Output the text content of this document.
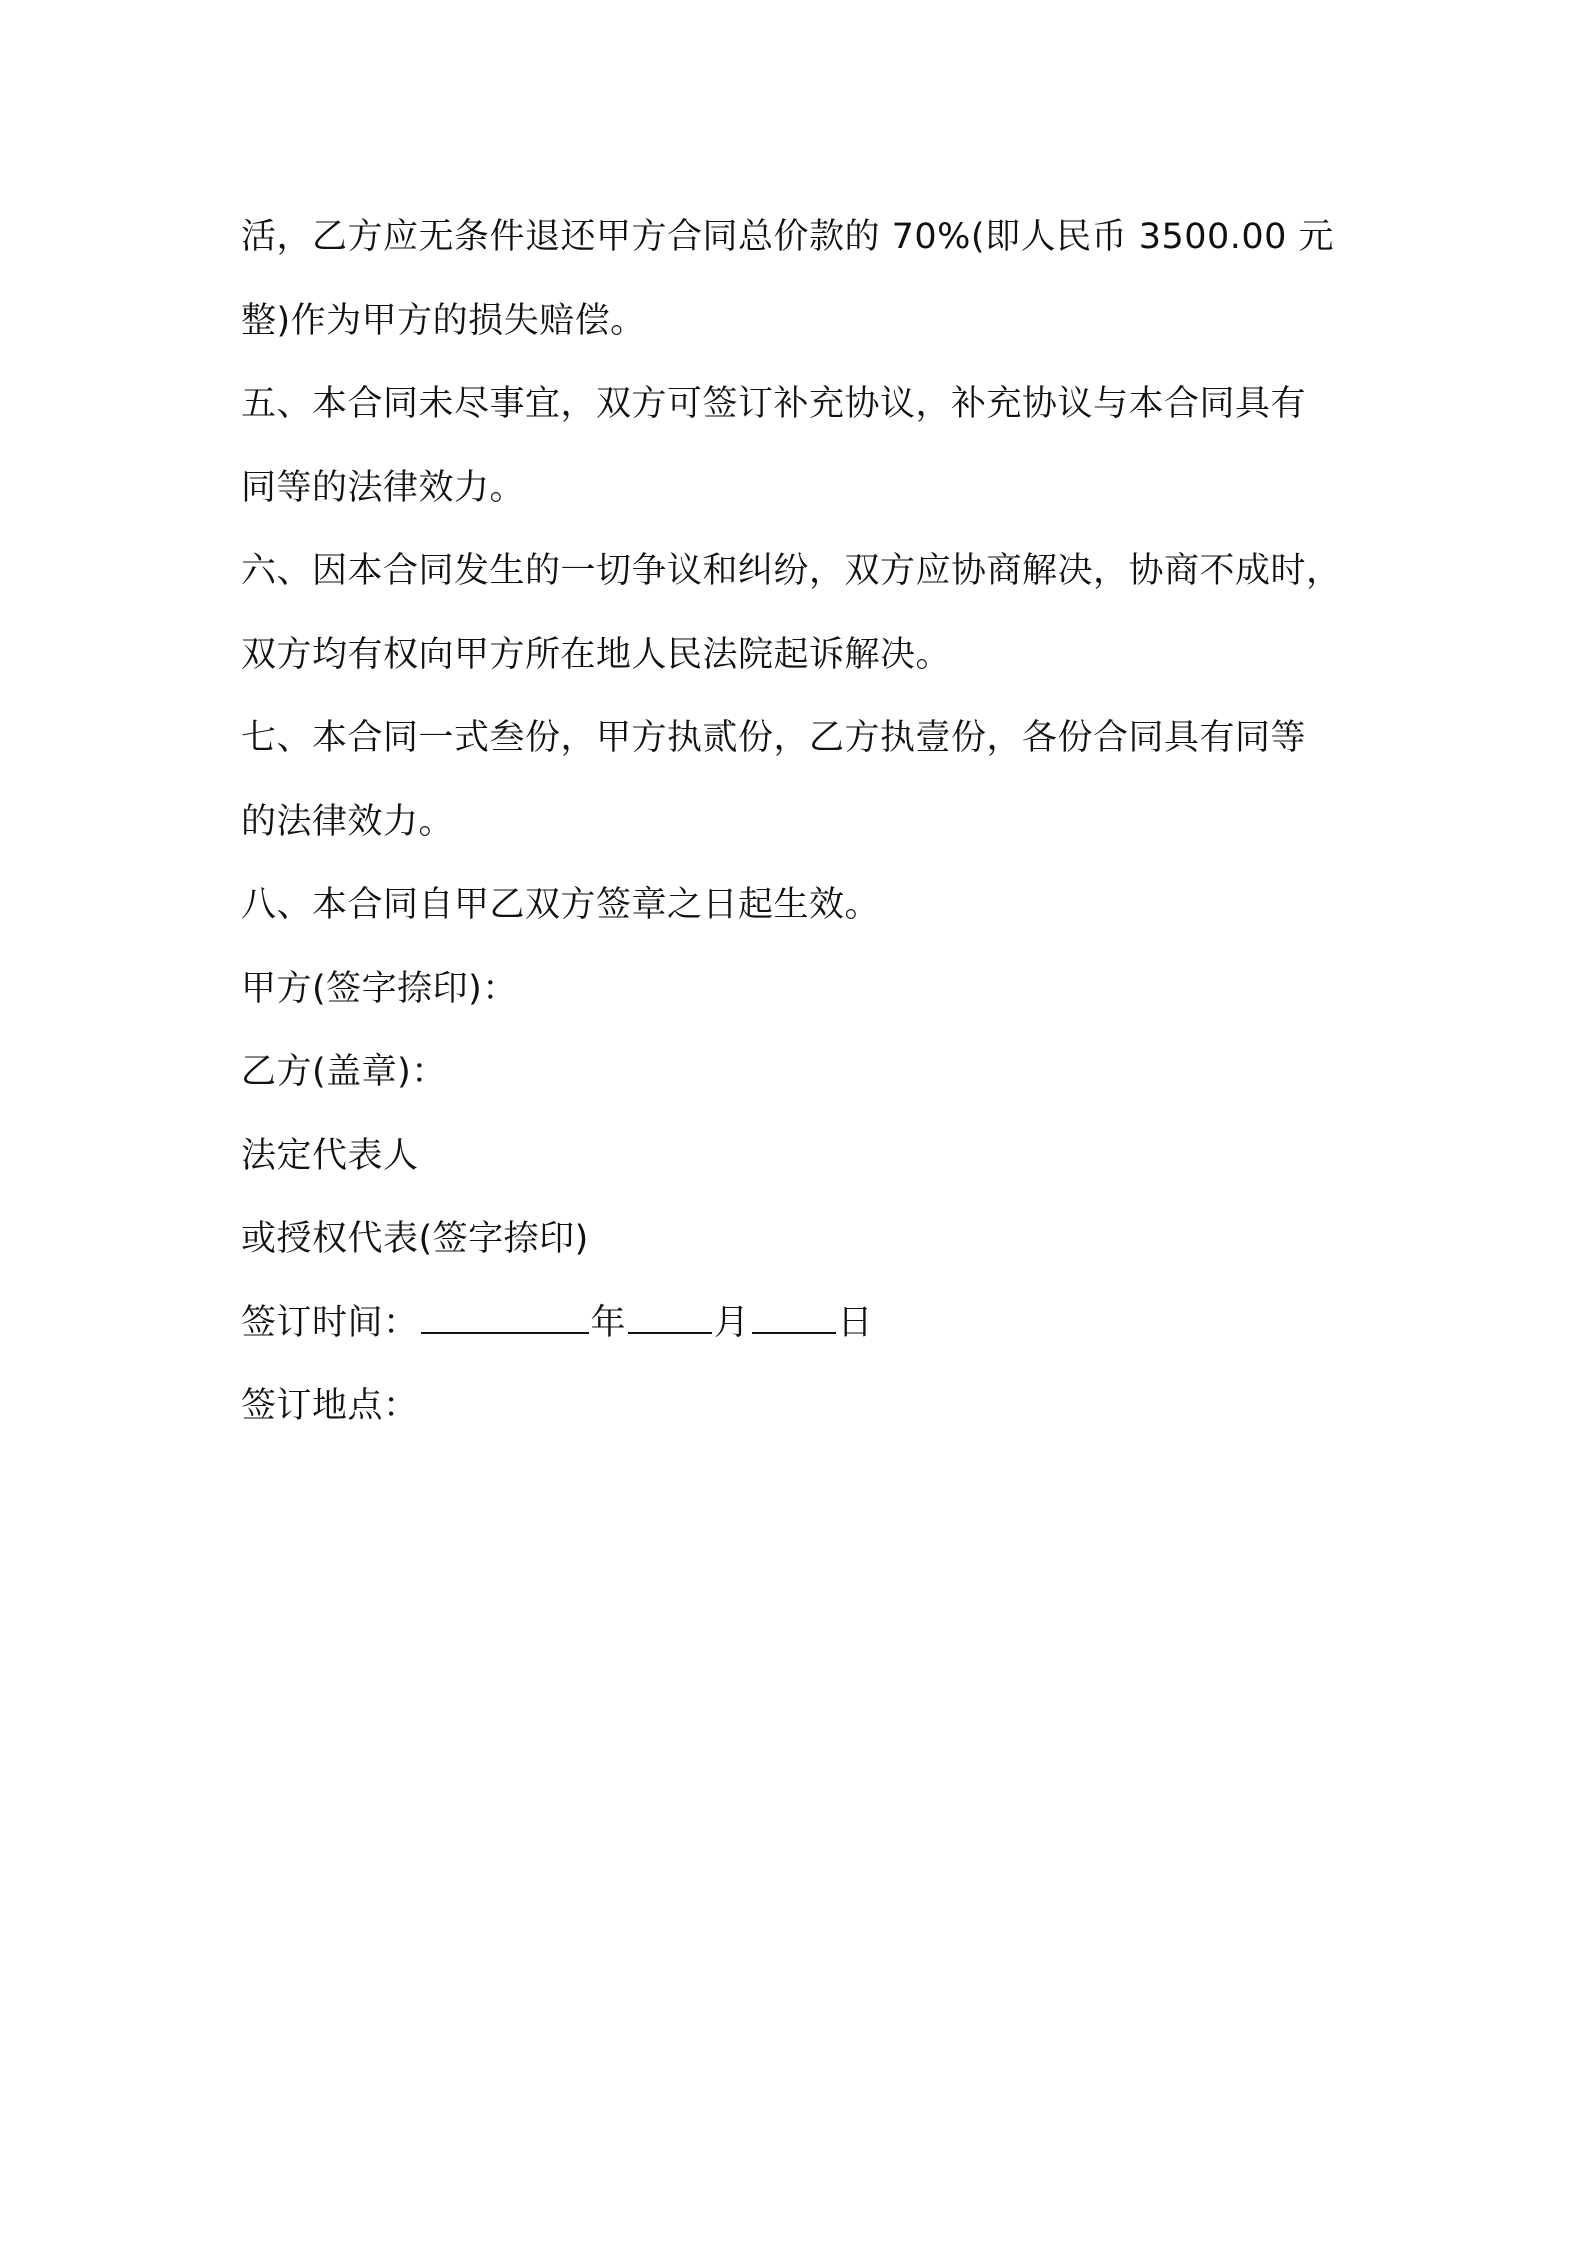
活，乙方应无条件退还甲方合同总价款的 70%(即人民币 3500.00 元
整)作为甲方的损失赔偿。
五、本合同未尽事宜，双方可签订补充协议，补充协议与本合同具有
同等的法律效力。
六、因本合同发生的一切争议和纠纷，双方应协商解决，协商不成时，
双方均有权向甲方所在地人民法院起诉解决。
七、本合同一式叁份，甲方执贰份，乙方执壹份，各份合同具有同等
的法律效力。
八、本合同自甲乙双方签章之日起生效。
甲方(签字捺印)：
乙方(盖章)：
法定代表人
或授权代表(签字捺印)
签订时间：	年	月	日
签订地点：
